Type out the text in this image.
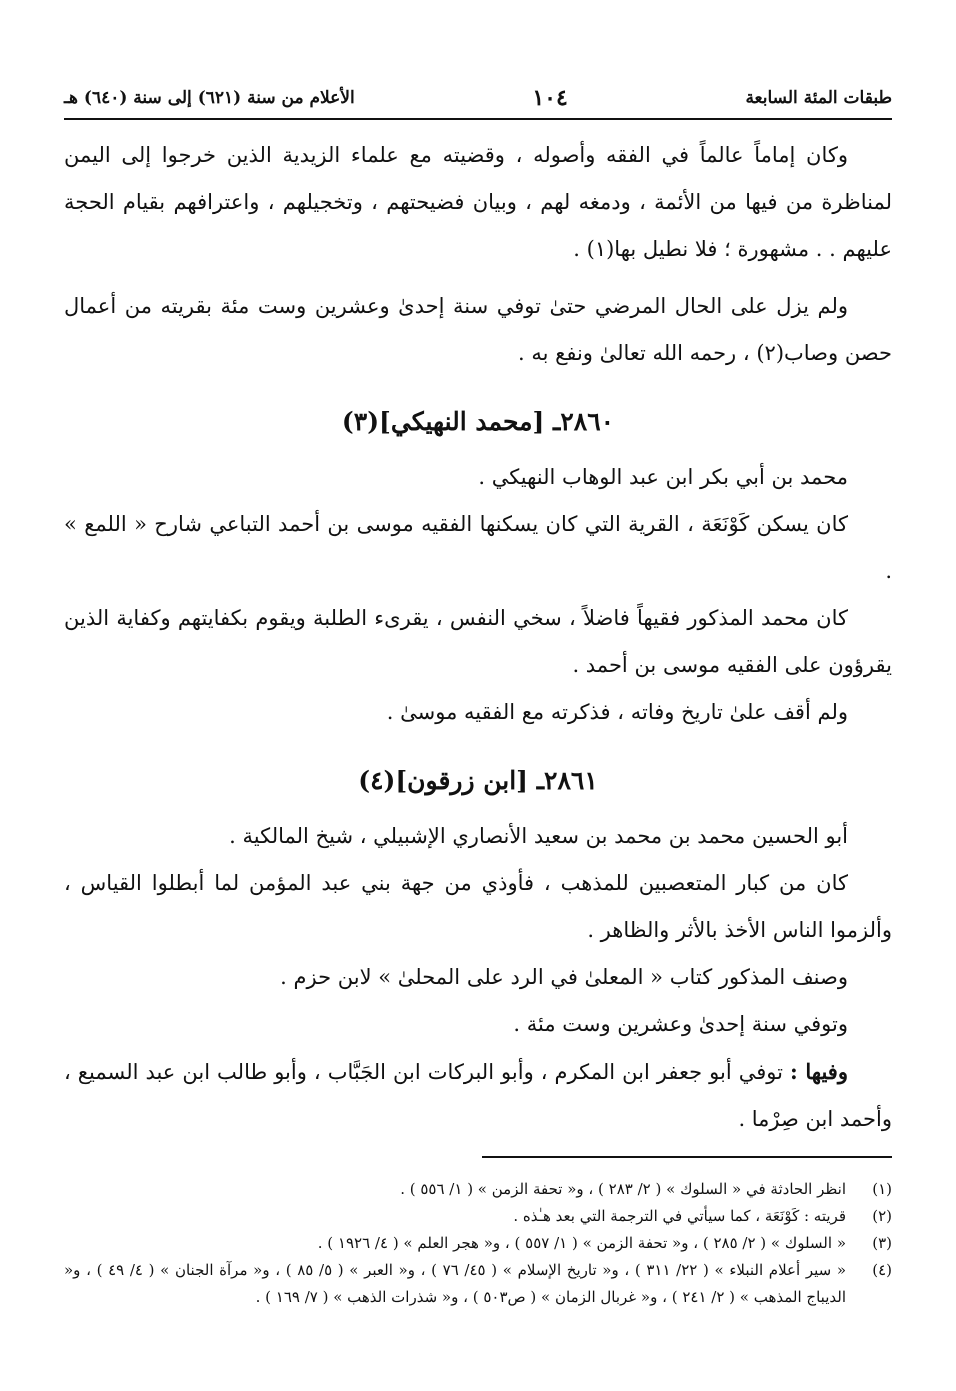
طبقات المئة السابعة
١٠٤
الأعلام من سنة (٦٢١) إلى سنة (٦٤٠) هـ

وكان إماماً عالماً في الفقه وأصوله ، وقضيته مع علماء الزيدية الذين خرجوا إلى اليمن لمناظرة من فيها من الأئمة ، ودمغه لهم ، وبيان فضيحتهم ، وتخجيلهم ، واعترافهم بقيام الحجة عليهم . . مشهورة ؛ فلا نطيل بها(١) .

ولم يزل على الحال المرضي حتىٰ توفي سنة إحدىٰ وعشرين وست مئة بقريته من أعمال حصن وصاب(٢) ، رحمه الله تعالىٰ ونفع به .

٢٨٦٠ـ [محمد النهيكي](٣)

محمد بن أبي بكر ابن عبد الوهاب النهيكي .

كان يسكن كَوْنَعَة ، القرية التي كان يسكنها الفقيه موسى بن أحمد التباعي شارح « اللمع » .

كان محمد المذكور فقيهاً فاضلاً ، سخي النفس ، يقرىء الطلبة ويقوم بكفايتهم وكفاية الذين يقرؤون على الفقيه موسى بن أحمد .

ولم أقف علىٰ تاريخ وفاته ، فذكرته مع الفقيه موسىٰ .

٢٨٦١ـ [ابن زرقون](٤)

أبو الحسين محمد بن محمد بن سعيد الأنصاري الإشبيلي ، شيخ المالكية .

كان من كبار المتعصبين للمذهب ، فأوذي من جهة بني عبد المؤمن لما أبطلوا القياس ، وألزموا الناس الأخذ بالأثر والظاهر .

وصنف المذكور كتاب « المعلىٰ في الرد على المحلىٰ » لابن حزم .

وتوفي سنة إحدىٰ وعشرين وست مئة .

وفيها : توفي أبو جعفر ابن المكرم ، وأبو البركات ابن الجَبَّاب ، وأبو طالب ابن عبد السميع ، وأحمد ابن صِرْما .

(١)
انظر الحادثة في « السلوك » ( ٢/ ٢٨٣ ) ، و« تحفة الزمن » ( ١/ ٥٥٦ ) .
(٢)
قريته : كَوْنَعَة ، كما سيأتي في الترجمة التي بعد هـٰذه .
(٣)
« السلوك » ( ٢/ ٢٨٥ ) ، و« تحفة الزمن » ( ١/ ٥٥٧ ) ، و« هجر العلم » ( ٤/ ١٩٢٦ ) .
(٤)
« سير أعلام النبلاء » ( ٢٢/ ٣١١ ) ، و« تاريخ الإسلام » ( ٤٥/ ٧٦ ) ، و« العبر » ( ٥/ ٨٥ ) ، و« مرآة الجنان » ( ٤/ ٤٩ ) ، و« الديباج المذهب » ( ٢/ ٢٤١ ) ، و« غربال الزمان » ( ص٥٠٣ ) ، و« شذرات الذهب » ( ٧/ ١٦٩ ) .
